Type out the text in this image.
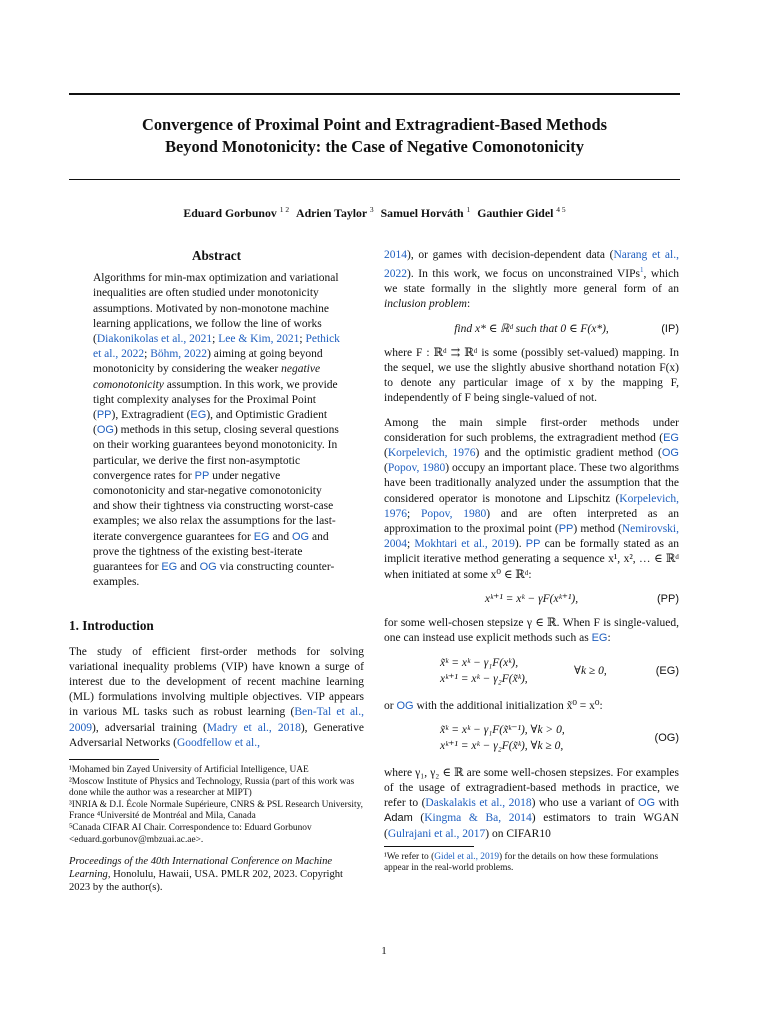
Convergence of Proximal Point and Extragradient-Based Methods
Beyond Monotonicity: the Case of Negative Comonotonicity
Eduard Gorbunov $^{1 2}$ Adrien Taylor $^3$ Samuel Horváth $^1$ Gauthier Gidel $^{4 5}$
Abstract

Algorithms for min-max optimization and variational inequalities are often studied under monotonicity assumptions. Motivated by non-monotone machine learning applications, we follow the line of works (Diakonikolas et al., 2021; Lee & Kim, 2021; Pethick et al., 2022; Böhm, 2022) aiming at going beyond monotonicity by considering the weaker negative comonotonicity assumption. In this work, we provide tight complexity analyses for the Proximal Point (PP), Extragradient (EG), and Optimistic Gradient (OG) methods in this setup, closing several questions on their working guarantees beyond monotonicity. In particular, we derive the first non-asymptotic convergence rates for PP under negative comonotonicity and star-negative comonotonicity and show their tightness via constructing worst-case examples; we also relax the assumptions for the last-iterate convergence guarantees for EG and OG and prove the tightness of the existing best-iterate guarantees for EG and OG via constructing counter-examples.

1. Introduction

The study of efficient first-order methods for solving variational inequality problems (VIP) have known a surge of interest due to the development of recent machine learning (ML) formulations involving multiple objectives. VIP appears in various ML tasks such as robust learning (Ben-Tal et al., 2009), adversarial training (Madry et al., 2018), Generative Adversarial Networks (Goodfellow et al.,

¹Mohamed bin Zayed University of Artificial Intelligence, UAE
²Moscow Institute of Physics and Technology, Russia (part of this work was done while the author was a researcher at MIPT)
³INRIA & D.I. École Normale Supérieure, CNRS & PSL Research University, France ⁴Université de Montréal and Mila, Canada
⁵Canada CIFAR AI Chair. Correspondence to: Eduard Gorbunov <eduard.gorbunov@mbzuai.ac.ae>.
Proceedings of the 40th International Conference on Machine Learning, Honolulu, Hawaii, USA. PMLR 202, 2023. Copyright 2023 by the author(s).

2014), or games with decision-dependent data (Narang et al., 2022). In this work, we focus on unconstrained VIPs$^1$, which we state formally in the slightly more general form of an inclusion problem:

find x* ∈ ℝᵈ such that 0 ∈ F(x*),	(IP)

where F : ℝᵈ ⇉ ℝᵈ is some (possibly set-valued) mapping. In the sequel, we use the slightly abusive shorthand notation F(x) to denote any particular image of x by the mapping F, independently of F being single-valued of not.

Among the main simple first-order methods under consideration for such problems, the extragradient method (EG (Korpelevich, 1976) and the optimistic gradient method (OG (Popov, 1980) occupy an important place. These two algorithms have been traditionally analyzed under the assumption that the considered operator is monotone and Lipschitz (Korpelevich, 1976; Popov, 1980) and are often interpreted as an approximation to the proximal point (PP) method (Nemirovski, 2004; Mokhtari et al., 2019). PP can be formally stated as an implicit iterative method generating a sequence x¹, x², … ∈ ℝᵈ when initiated at some x⁰ ∈ ℝᵈ:

xᵏ⁺¹ = xᵏ − γF(xᵏ⁺¹),	(PP)

for some well-chosen stepsize γ ∈ ℝ. When F is single-valued, one can instead use explicit methods such as EG:

x̃ᵏ = xᵏ − γ₁F(xᵏ),
xᵏ⁺¹ = xᵏ − γ₂F(x̃ᵏ),
∀k ≥ 0,	(EG)

or OG with the additional initialization x̃⁰ = x⁰:

x̃ᵏ = xᵏ − γ₁F(x̃ᵏ⁻¹), ∀k > 0,
xᵏ⁺¹ = xᵏ − γ₂F(x̃ᵏ), ∀k ≥ 0,
(OG)

where γ₁, γ₂ ∈ ℝ are some well-chosen stepsizes. For examples of the usage of extragradient-based methods in practice, we refer to (Daskalakis et al., 2018) who use a variant of OG with Adam (Kingma & Ba, 2014) estimators to train WGAN (Gulrajani et al., 2017) on CIFAR10

¹We refer to (Gidel et al., 2019) for the details on how these formulations appear in the real-world problems.
1
